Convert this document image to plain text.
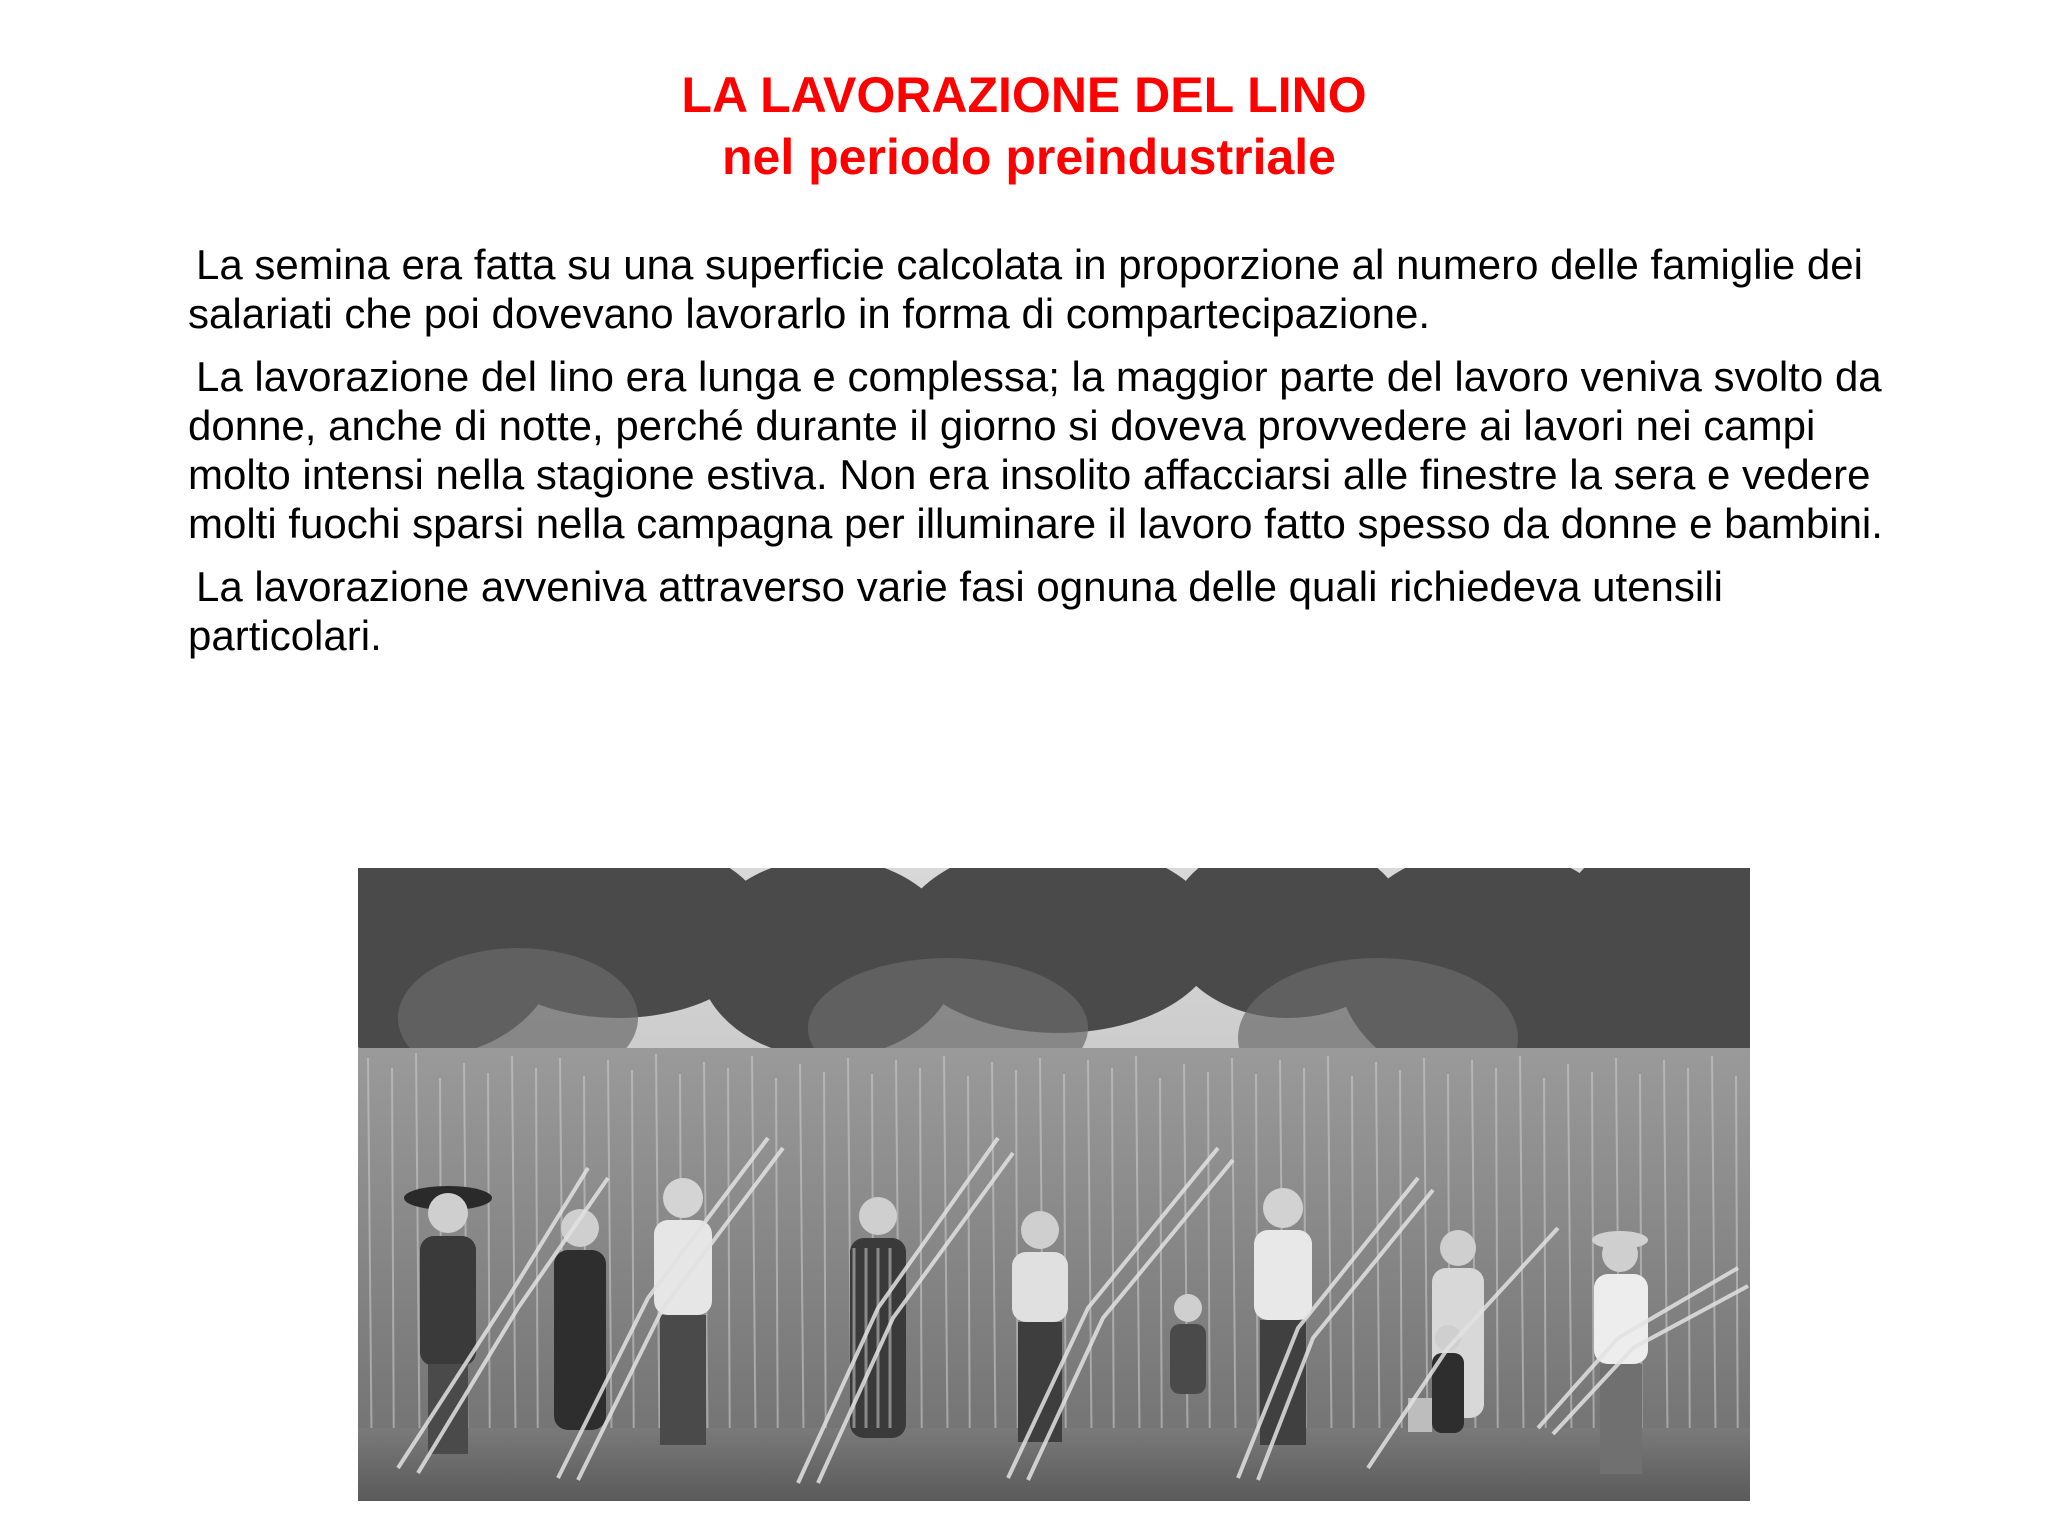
LA LAVORAZIONE DEL LINO
nel periodo preindustriale

La semina era fatta su una superficie calcolata in proporzione al numero delle famiglie dei salariati che poi dovevano lavorarlo in forma di compartecipazione.

La lavorazione del lino era lunga e complessa; la maggior parte del lavoro veniva svolto da donne, anche di notte, perché durante il giorno si doveva provvedere ai lavori nei campi molto intensi nella stagione estiva. Non era insolito affacciarsi alle finestre la sera e vedere molti fuochi sparsi nella campagna per illuminare il lavoro fatto spesso da donne e bambini.

La lavorazione avveniva attraverso varie fasi ognuna delle quali richiedeva utensili particolari.
